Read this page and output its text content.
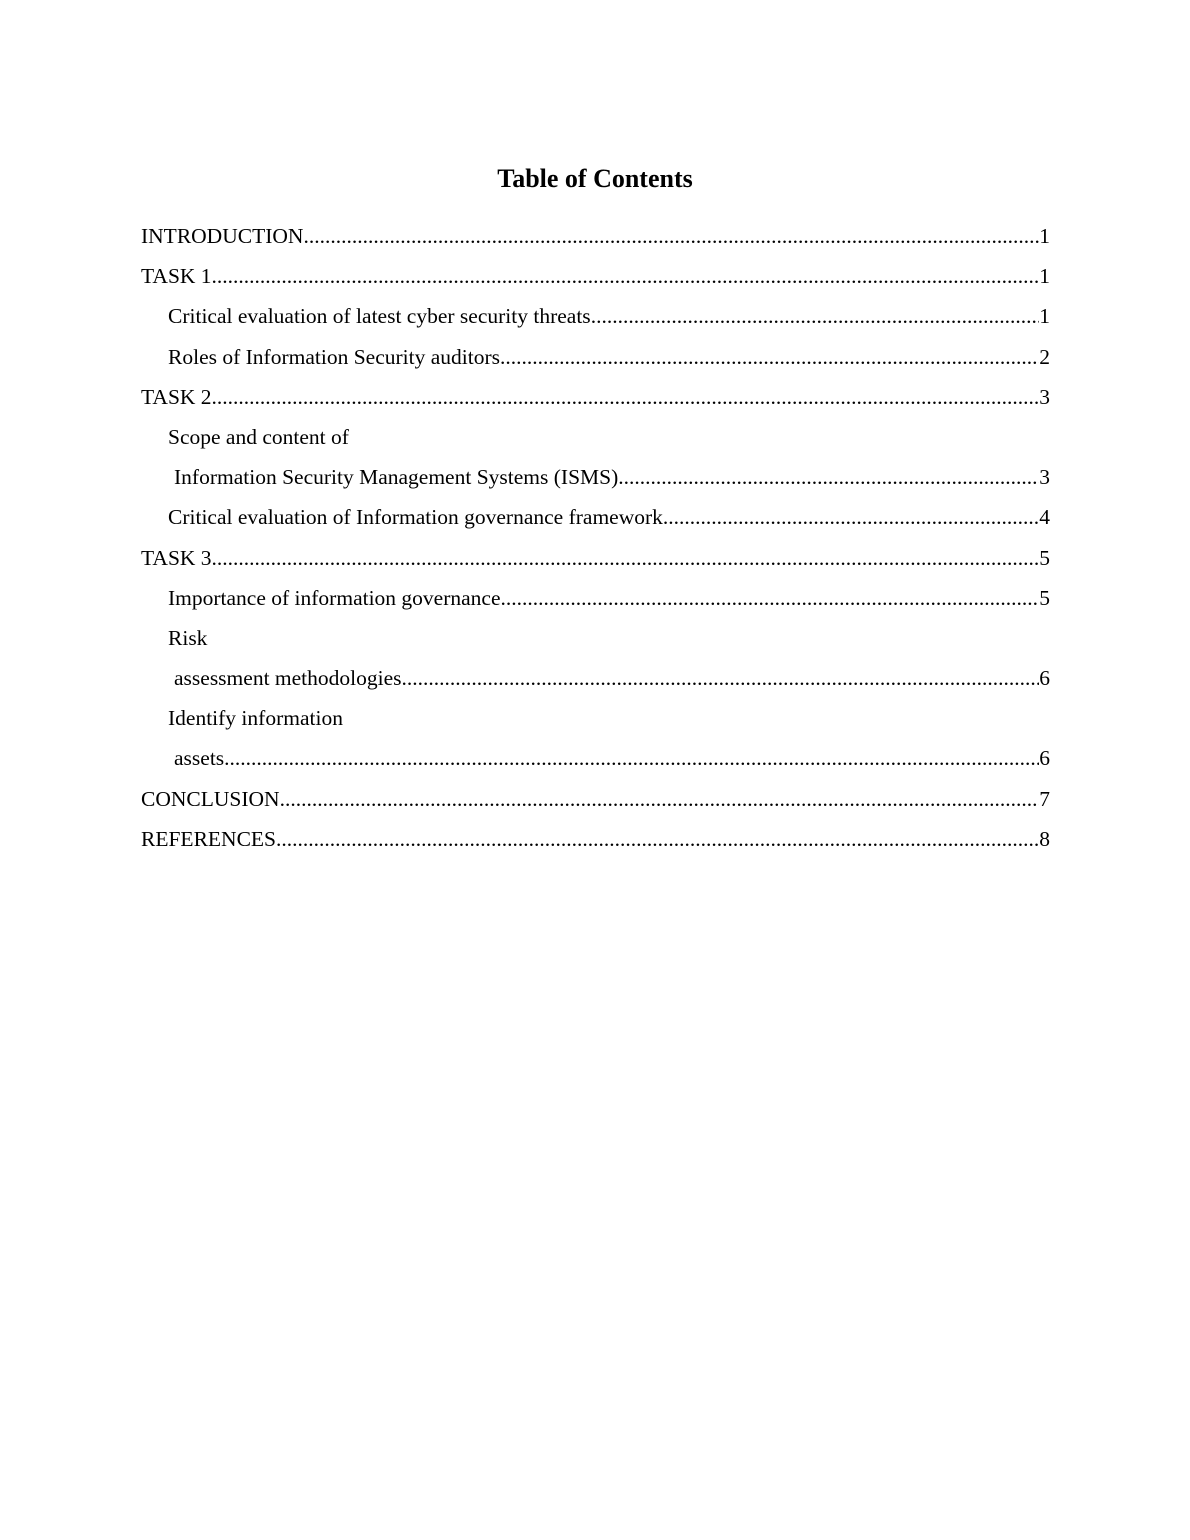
Table of Contents
INTRODUCTION .....	1
TASK 1 .....	1
Critical evaluation of latest cyber security threats .....	1
Roles of Information Security auditors .....	2
TASK 2 .....	3
Scope and content of
Information Security Management Systems (ISMS) .....	3
Critical evaluation of Information governance framework .....	4
TASK 3 .....	5
Importance of information governance .....	5
Risk
assessment methodologies .....	6
Identify information
assets .....	6
CONCLUSION .....	7
REFERENCES .....	8
